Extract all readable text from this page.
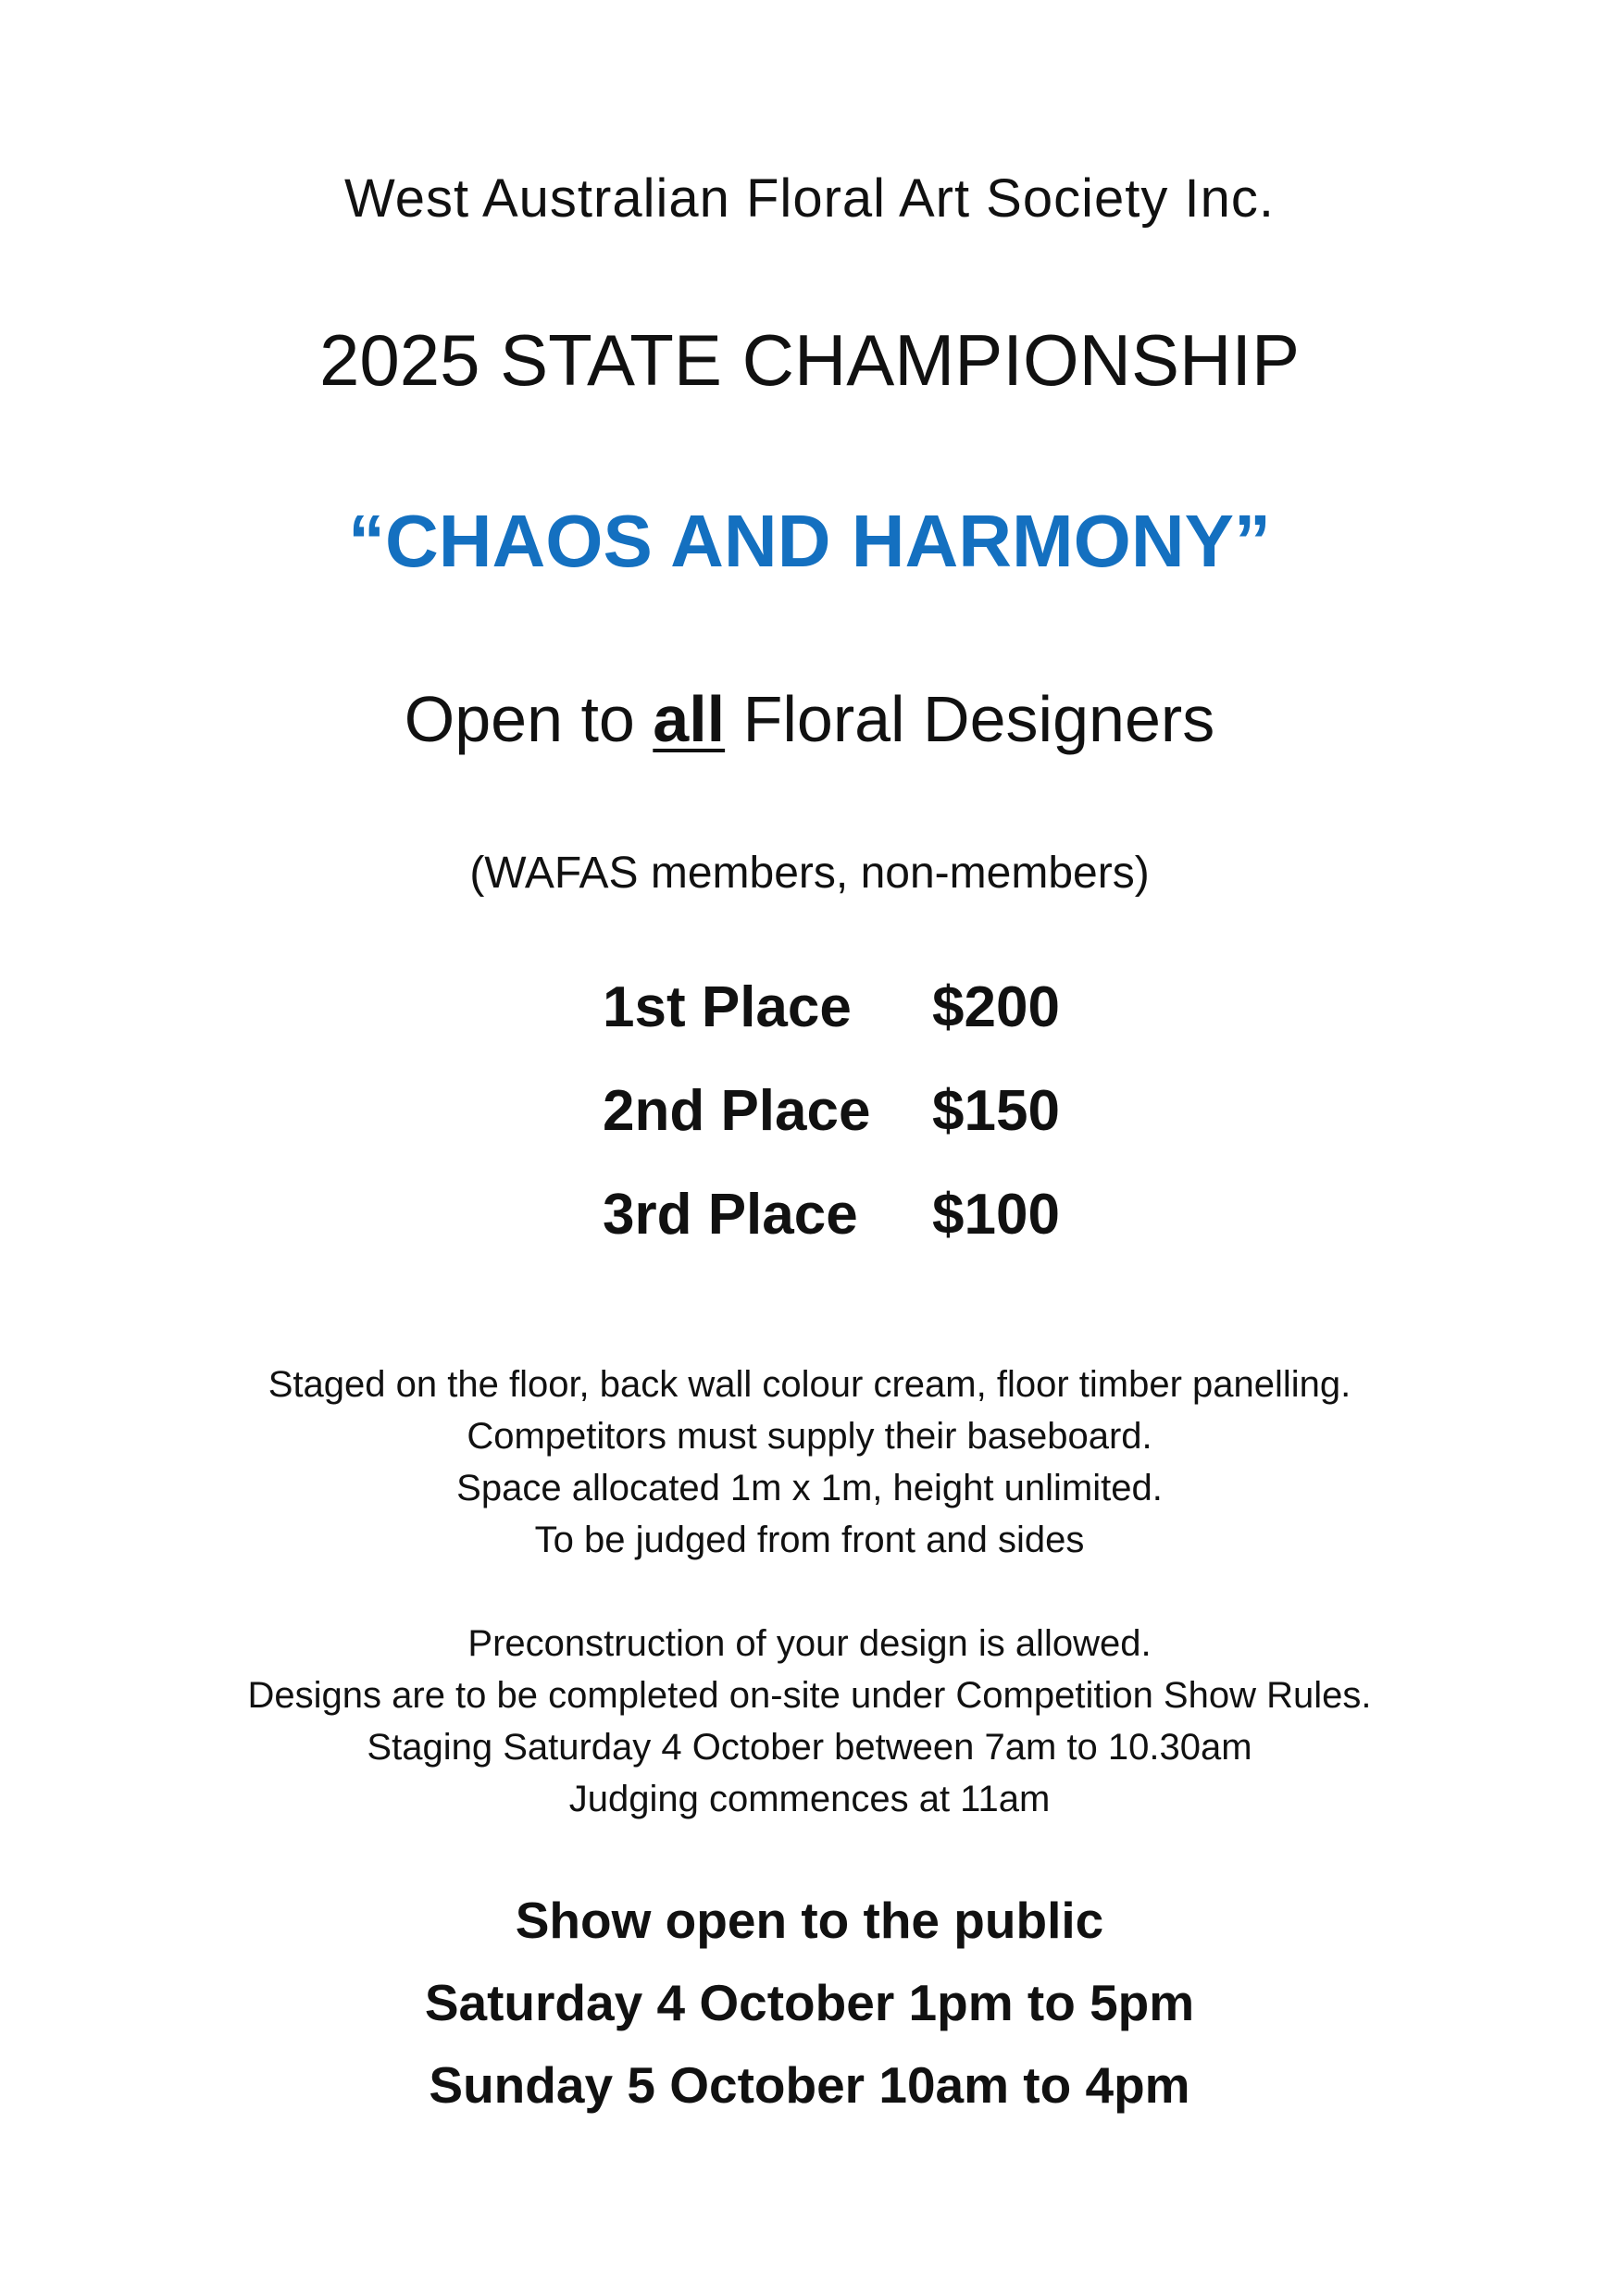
West Australian Floral Art Society Inc.
2025 STATE CHAMPIONSHIP
“CHAOS AND HARMONY”
Open to all Floral Designers
(WAFAS members, non-members)
1st Place $200
2nd Place $150
3rd Place $100
Staged on the floor, back wall colour cream, floor timber panelling.
Competitors must supply their baseboard.
Space allocated 1m x 1m, height unlimited.
To be judged from front and sides
Preconstruction of your design is allowed.
Designs are to be completed on-site under Competition Show Rules.
Staging Saturday 4 October between 7am to 10.30am
Judging commences at 11am
Show open to the public
Saturday 4 October 1pm to 5pm
Sunday 5 October 10am to 4pm
